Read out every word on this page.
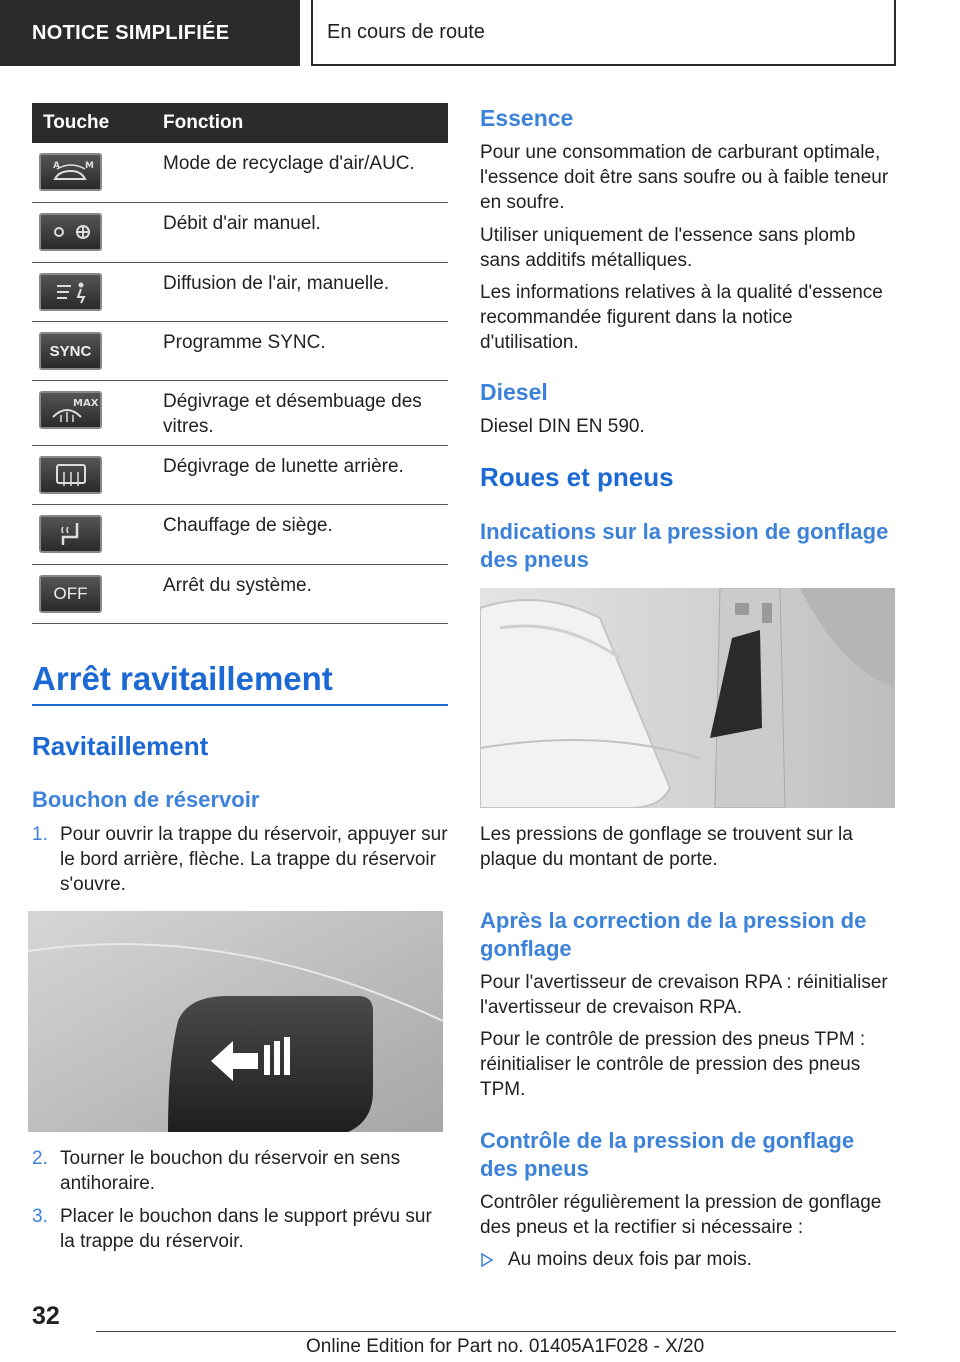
NOTICE SIMPLIFIÉE	En cours de route
Touche	Fonction
A	M	Mode de recyclage d'air/AUC.
Débit d'air manuel.
Diffusion de l'air, manuelle.
SYNC	Programme SYNC.
MAX	Dégivrage et désembuage des vitres.
Dégivrage de lunette arrière.
Chauffage de siège.
OFF	Arrêt du système.
Arrêt ravitaillement
Ravitaillement
Bouchon de réservoir
1. Pour ouvrir la trappe du réservoir, appuyer sur le bord arrière, flèche. La trappe du réservoir s'ouvre.
2. Tourner le bouchon du réservoir en sens antihoraire.
3. Placer le bouchon dans le support prévu sur la trappe du réservoir.
Essence
Pour une consommation de carburant optimale, l'essence doit être sans soufre ou à faible teneur en soufre.
Utiliser uniquement de l'essence sans plomb sans additifs métalliques.
Les informations relatives à la qualité d'essence recommandée figurent dans la notice d'utilisation.
Diesel
Diesel DIN EN 590.
Roues et pneus
Indications sur la pression de gonflage des pneus
Les pressions de gonflage se trouvent sur la plaque du montant de porte.
Après la correction de la pression de gonflage
Pour l'avertisseur de crevaison RPA : réinitialiser l'avertisseur de crevaison RPA.
Pour le contrôle de pression des pneus TPM : réinitialiser le contrôle de pression des pneus TPM.
Contrôle de la pression de gonflage des pneus
Contrôler régulièrement la pression de gonflage des pneus et la rectifier si nécessaire :
Au moins deux fois par mois.
32
Online Edition for Part no. 01405A1F028 - X/20
